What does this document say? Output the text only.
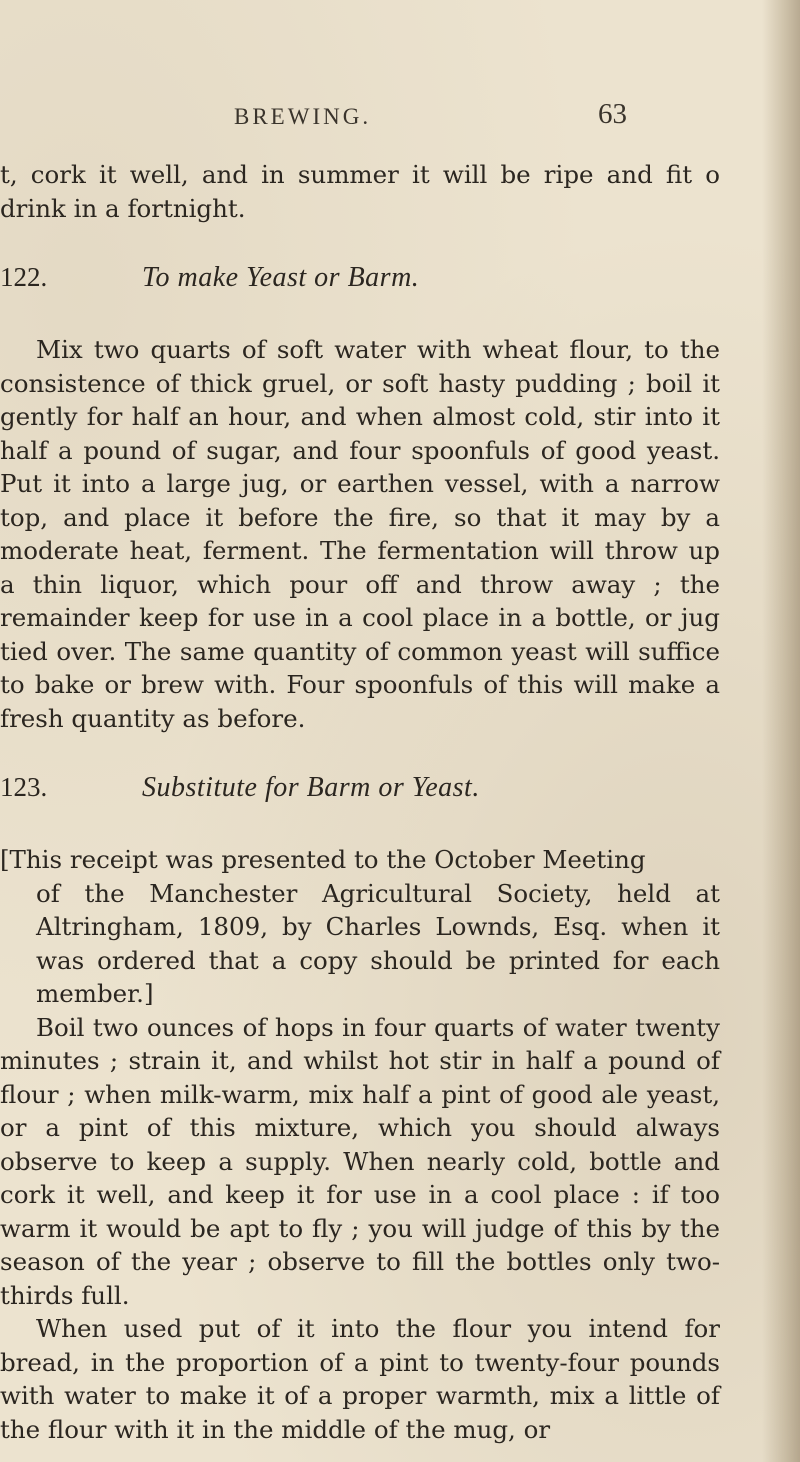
BREWING.	63

t, cork it well, and in summer it will be ripe and fit o drink in a fortnight.

122.	To make Yeast or Barm.

Mix two quarts of soft water with wheat flour, to the consistence of thick gruel, or soft hasty pudding ; boil it gently for half an hour, and when almost cold, stir into it half a pound of sugar, and four spoonfuls of good yeast. Put it into a large jug, or earthen vessel, with a narrow top, and place it before the fire, so that it may by a moderate heat, ferment. The fermentation will throw up a thin liquor, which pour off and throw away ; the remainder keep for use in a cool place in a bottle, or jug tied over. The same quantity of common yeast will suffice to bake or brew with. Four spoonfuls of this will make a fresh quantity as before.

123.	Substitute for Barm or Yeast.

[This receipt was presented to the October Meeting

of the Manchester Agricultural Society, held at Altringham, 1809, by Charles Lownds, Esq. when it was ordered that a copy should be printed for each member.]

Boil two ounces of hops in four quarts of water twenty minutes ; strain it, and whilst hot stir in half a pound of flour ; when milk-warm, mix half a pint of good ale yeast, or a pint of this mixture, which you should always observe to keep a supply. When nearly cold, bottle and cork it well, and keep it for use in a cool place : if too warm it would be apt to fly ; you will judge of this by the season of the year ; observe to fill the bottles only two-thirds full.

When used put of it into the flour you intend for bread, in the proportion of a pint to twenty-four pounds with water to make it of a proper warmth, mix a little of the flour with it in the middle of the mug, or
